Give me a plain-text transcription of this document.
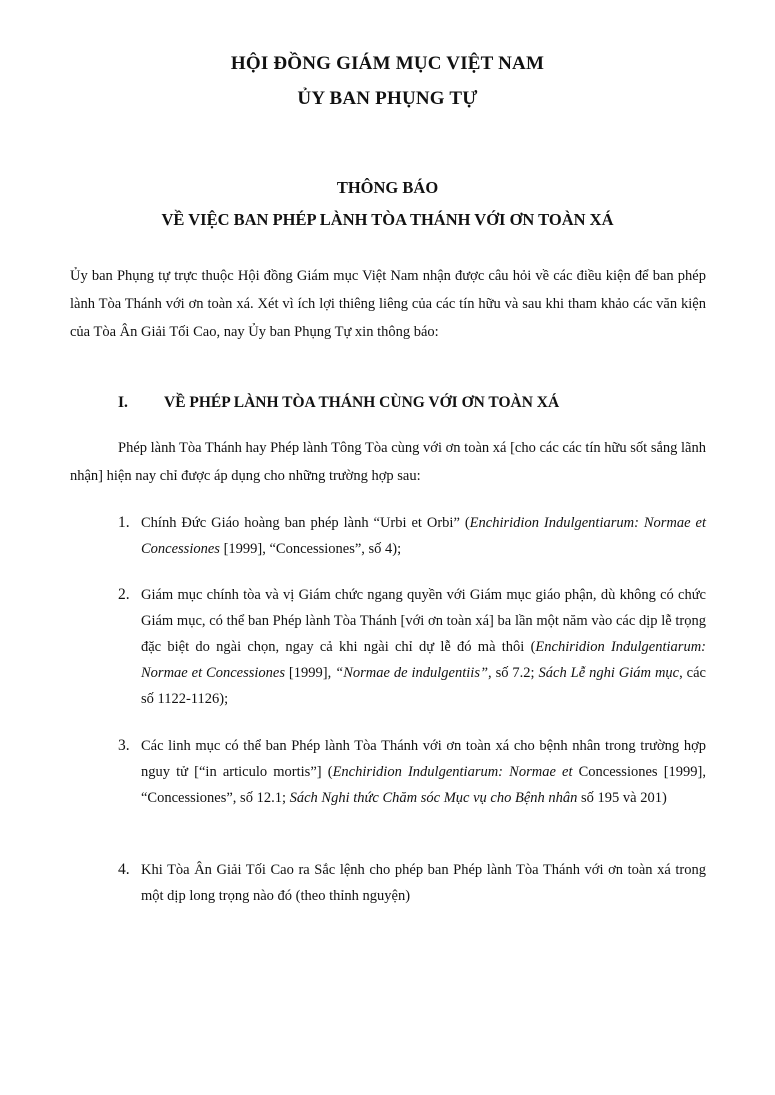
HỘI ĐỒNG GIÁM MỤC VIỆT NAM
ỦY BAN PHỤNG TỰ
THÔNG BÁO
VỀ VIỆC BAN PHÉP LÀNH TÒA THÁNH VỚI ƠN TOÀN XÁ
Ủy ban Phụng tự trực thuộc Hội đồng Giám mục Việt Nam nhận được câu hỏi về các điều kiện để ban phép lành Tòa Thánh với ơn toàn xá. Xét vì ích lợi thiêng liêng của các tín hữu và sau khi tham khảo các văn kiện của Tòa Ân Giải Tối Cao, nay Ủy ban Phụng Tự xin thông báo:
I. VỀ PHÉP LÀNH TÒA THÁNH CÙNG VỚI ƠN TOÀN XÁ
Phép lành Tòa Thánh hay Phép lành Tông Tòa cùng với ơn toàn xá [cho các các tín hữu sốt sắng lãnh nhận] hiện nay chỉ được áp dụng cho những trường hợp sau:
1. Chính Đức Giáo hoàng ban phép lành “Urbi et Orbi” (Enchiridion Indulgentiarum: Normae et Concessiones [1999], “Concessiones”, số 4);
2. Giám mục chính tòa và vị Giám chức ngang quyền với Giám mục giáo phận, dù không có chức Giám mục, có thể ban Phép lành Tòa Thánh [với ơn toàn xá] ba lần một năm vào các dịp lễ trọng đặc biệt do ngài chọn, ngay cả khi ngài chỉ dự lễ đó mà thôi (Enchiridion Indulgentiarum: Normae et Concessiones [1999], “Normae de indulgentiis”, số 7.2; Sách Lễ nghi Giám mục, các số 1122-1126);
3. Các linh mục có thể ban Phép lành Tòa Thánh với ơn toàn xá cho bệnh nhân trong trường hợp nguy tử [“in articulo mortis”] (Enchiridion Indulgentiarum: Normae et Concessiones [1999], “Concessiones”, số 12.1; Sách Nghi thức Chăm sóc Mục vụ cho Bệnh nhân số 195 và 201)
4. Khi Tòa Ân Giải Tối Cao ra Sắc lệnh cho phép ban Phép lành Tòa Thánh với ơn toàn xá trong một dịp long trọng nào đó (theo thỉnh nguyện)
